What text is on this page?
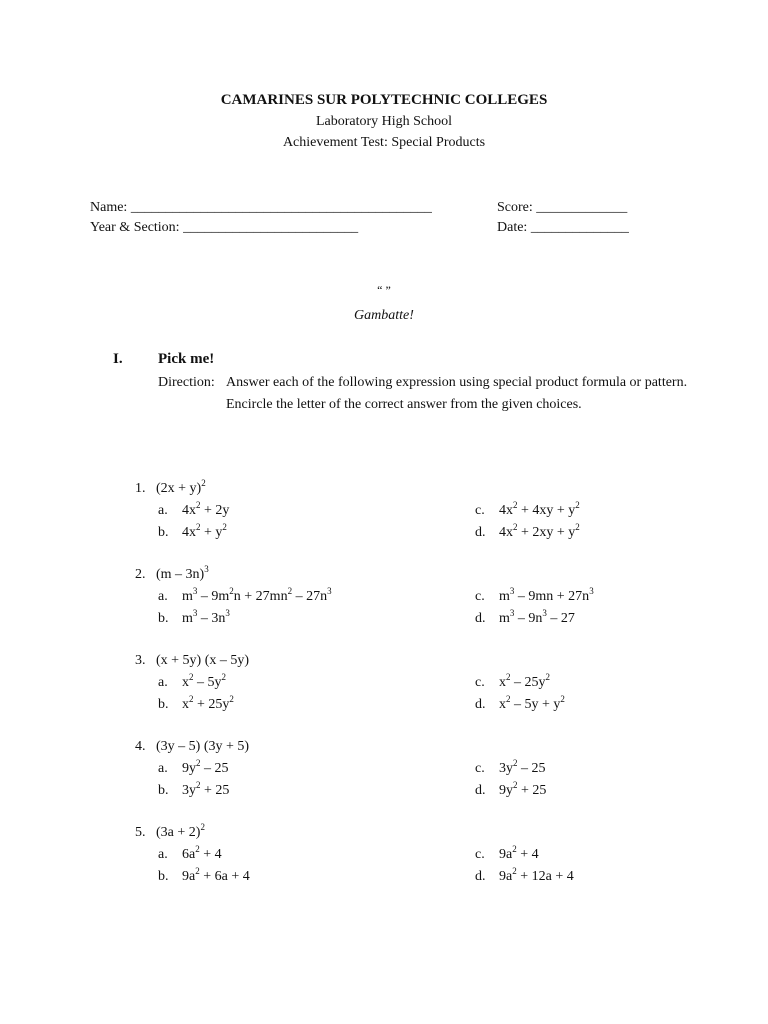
CAMARINES SUR POLYTECHNIC COLLEGES
Laboratory High School
Achievement Test: Special Products
Name: ___________________________________________	Score: _____________
Year & Section: _________________________	Date: ______________
“ ”
Gambatte!
I. Pick me!
Direction: Answer each of the following expression using special product formula or pattern. Encircle the letter of the correct answer from the given choices.
1.   $(2x + y)^2$
a. $4x^2 + 2y$
b. $4x^2 + y^2$
c. $4x^2 + 4xy + y^2$
d. $4x^2 + 2xy + y^2$
2.   (m – 3n)$^3$
a. $m^3 - 9m^2n + 27mn^2 - 27n^3$
b. $m^3 - 3n^3$
c. $m^3 - 9mn + 27n^3$
d. $m^3 - 9n^3 - 27$
3.   (x + 5y) (x – 5y)
a. $x^2 - 5y^2$
b. $x^2 + 25y^2$
c. $x^2 - 25y^2$
d. $x^2 - 5y + y^2$
4.   (3y – 5) (3y + 5)
a. $9y^2 - 25$
b. $3y^2 + 25$
c. $3y^2 - 25$
d. $9y^2 + 25$
5.   $(3a + 2)^2$
a. $6a^2 + 4$
b. $9a^2 + 6a + 4$
c. $9a^2 + 4$
d. $9a^2 + 12a + 4$
